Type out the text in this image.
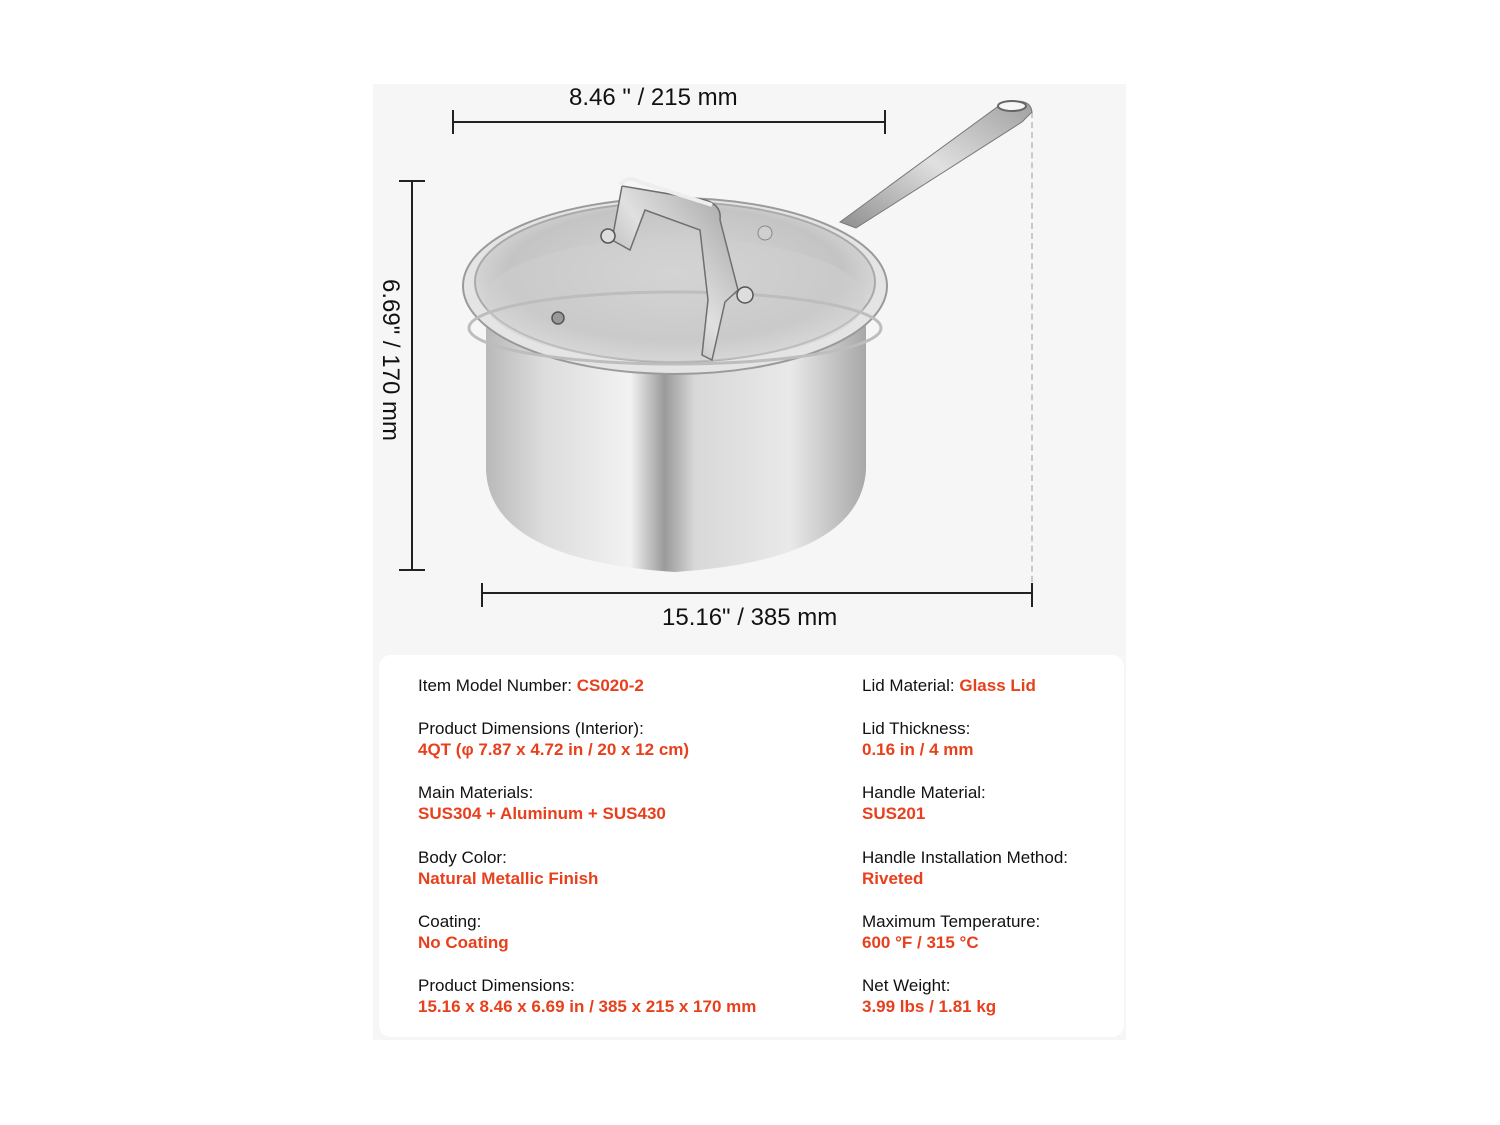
8.46 " / 215 mm
6.69" / 170 mm
15.16" / 385 mm
Item Model Number: CS020-2
Product Dimensions (Interior):
4QT (φ 7.87 x 4.72 in / 20 x 12 cm)
Main Materials:
SUS304 + Aluminum + SUS430
Body Color:
Natural Metallic Finish
Coating:
No Coating
Product Dimensions:
15.16 x 8.46 x 6.69 in / 385 x 215 x 170 mm
Lid Material: Glass Lid
Lid Thickness:
0.16 in / 4 mm
Handle Material:
SUS201
Handle Installation Method:
Riveted
Maximum Temperature:
600 °F / 315 °C
Net Weight:
3.99 lbs / 1.81 kg
